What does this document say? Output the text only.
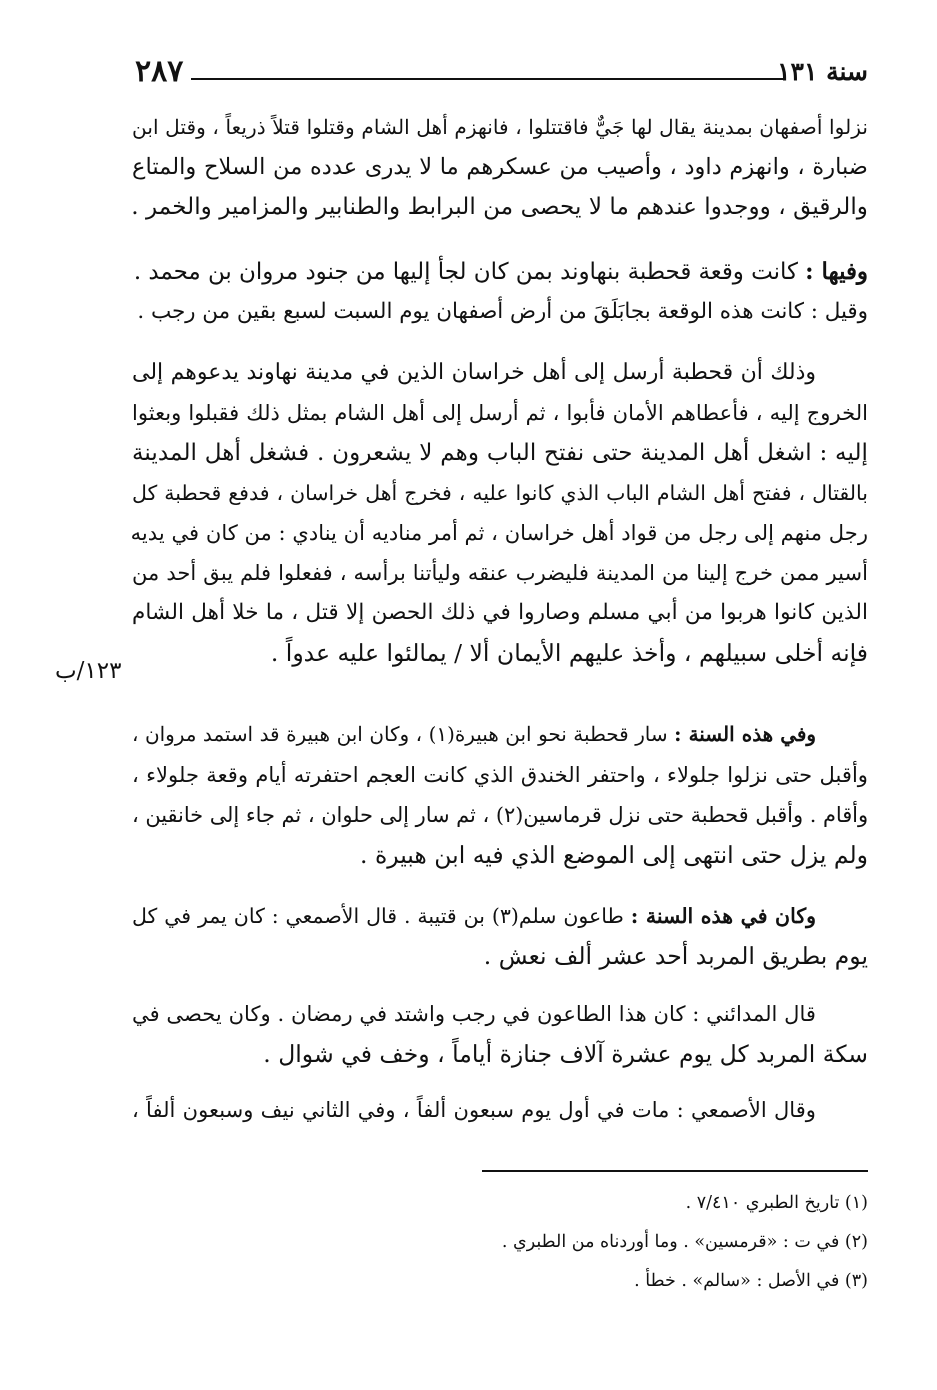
٢٨٧	سنة ١٣١

نزلوا أصفهان بمدينة يقال لها جَيٌّ فاقتتلوا ، فانهزم أهل الشام وقتلوا قتلاً ذريعاً ، وقتل ابن

ضبارة ، وانهزم داود ، وأصيب من عسكرهم ما لا يدرى عدده من السلاح والمتاع

والرقيق ، ووجدوا عندهم ما لا يحصى من البرابط والطنابير والمزامير والخمر .

وفيها : كانت وقعة قحطبة بنهاوند بمن كان لجأ إليها من جنود مروان بن محمد .

وقيل : كانت هذه الوقعة بجابَلَقَ من أرض أصفهان يوم السبت لسبع بقين من رجب .

وذلك أن قحطبة أرسل إلى أهل خراسان الذين في مدينة نهاوند يدعوهم إلى

الخروج إليه ، فأعطاهم الأمان فأبوا ، ثم أرسل إلى أهل الشام بمثل ذلك فقبلوا وبعثوا

إليه : اشغل أهل المدينة حتى نفتح الباب وهم لا يشعرون . فشغل أهل المدينة

بالقتال ، ففتح أهل الشام الباب الذي كانوا عليه ، فخرج أهل خراسان ، فدفع قحطبة كل

رجل منهم إلى رجل من قواد أهل خراسان ، ثم أمر مناديه أن ينادي : من كان في يديه

أسير ممن خرج إلينا من المدينة فليضرب عنقه وليأتنا برأسه ، ففعلوا فلم يبق أحد من

الذين كانوا هربوا من أبي مسلم وصاروا في ذلك الحصن إلا قتل ، ما خلا أهل الشام

فإنه أخلى سبيلهم ، وأخذ عليهم الأيمان ألا / يمالئوا عليه عدواً .

١٢٣/ب

وفي هذه السنة : سار قحطبة نحو ابن هبيرة(١) ، وكان ابن هبيرة قد استمد مروان ،

وأقبل حتى نزلوا جلولاء ، واحتفر الخندق الذي كانت العجم احتفرته أيام وقعة جلولاء ،

وأقام . وأقبل قحطبة حتى نزل قرماسين(٢) ، ثم سار إلى حلوان ، ثم جاء إلى خانقين ،

ولم يزل حتى انتهى إلى الموضع الذي فيه ابن هبيرة .

وكان في هذه السنة : طاعون سلم(٣) بن قتيبة . قال الأصمعي : كان يمر في كل

يوم بطريق المربد أحد عشر ألف نعش .

قال المدائني : كان هذا الطاعون في رجب واشتد في رمضان . وكان يحصى في

سكة المربد كل يوم عشرة آلاف جنازة أياماً ، وخف في شوال .

وقال الأصمعي : مات في أول يوم سبعون ألفاً ، وفي الثاني نيف وسبعون ألفاً ،

(١) تاريخ الطبري ٧/٤١٠ .
(٢) في ت : «قرمسين» . وما أوردناه من الطبري .
(٣) في الأصل : «سالم» . خطأ .
